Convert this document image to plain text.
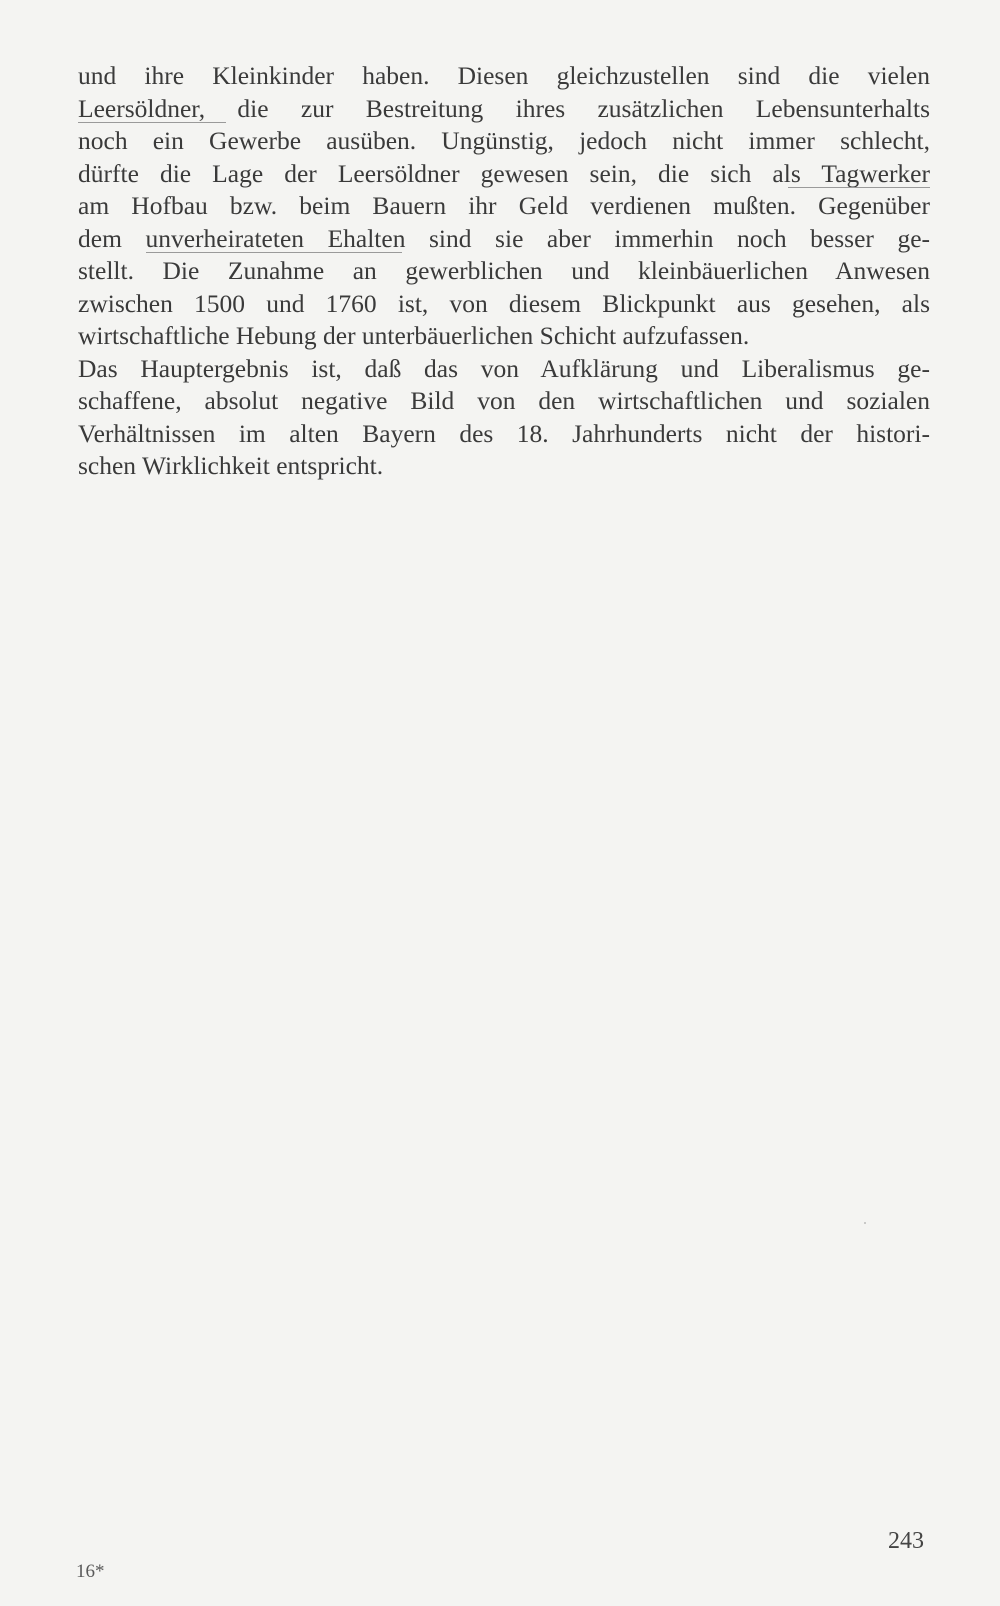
und ihre Kleinkinder haben. Diesen gleichzustellen sind die vielen
Leersöldner, die zur Bestreitung ihres zusätzlichen Lebensunterhalts
noch ein Gewerbe ausüben. Ungünstig, jedoch nicht immer schlecht,
dürfte die Lage der Leersöldner gewesen sein, die sich als Tagwerker
am Hofbau bzw. beim Bauern ihr Geld verdienen mußten. Gegenüber
dem unverheirateten Ehalten sind sie aber immerhin noch besser ge-
stellt. Die Zunahme an gewerblichen und kleinbäuerlichen Anwesen
zwischen 1500 und 1760 ist, von diesem Blickpunkt aus gesehen, als
wirtschaftliche Hebung der unterbäuerlichen Schicht aufzufassen.
Das Hauptergebnis ist, daß das von Aufklärung und Liberalismus ge-
schaffene, absolut negative Bild von den wirtschaftlichen und sozialen
Verhältnissen im alten Bayern des 18. Jahrhunderts nicht der histori-
schen Wirklichkeit entspricht.
16*
243
